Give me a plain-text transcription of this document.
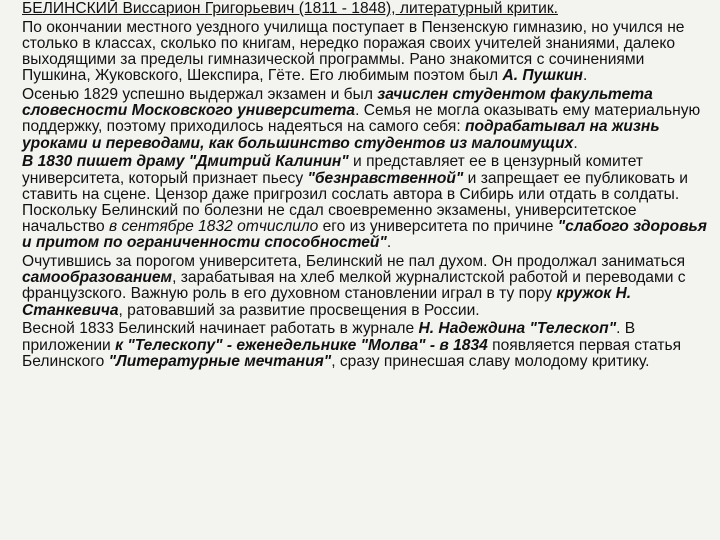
БЕЛИНСКИЙ Виссарион Григорьевич (1811 - 1848), литературный критик.

По окончании местного уездного училища поступает в Пензенскую гимназию, но учился не столько в классах, сколько по книгам, нередко поражая своих учителей знаниями, далеко выходящими за пределы гимназической программы. Рано знакомится с сочинениями Пушкина, Жуковского, Шекспира, Гёте. Его любимым поэтом был А. Пушкин.

Осенью 1829 успешно выдержал экзамен и был зачислен студентом факультета словесности Московского университета. Семья не могла оказывать ему материальную поддержку, поэтому приходилось надеяться на самого себя: подрабатывал на жизнь уроками и переводами, как большинство студентов из малоимущих.

В 1830 пишет драму "Дмитрий Калинин" и представляет ее в цензурный комитет университета, который признает пьесу "безнравственной" и запрещает ее публиковать и ставить на сцене. Цензор даже пригрозил сослать автора в Сибирь или отдать в солдаты. Поскольку Белинский по болезни не сдал своевременно экзамены, университетское начальство в сентябре 1832 отчислило его из университета по причине "слабого здоровья и притом по ограниченности способностей".

Очутившись за порогом университета, Белинский не пал духом. Он продолжал заниматься самообразованием, зарабатывая на хлеб мелкой журналистской работой и переводами с французского. Важную роль в его духовном становлении играл в ту пору кружок Н. Станкевича, ратовавший за развитие просвещения в России.

Весной 1833 Белинский начинает работать в журнале Н. Надеждина "Телескоп". В приложении к "Телескопу" - еженедельнике "Молва" - в 1834 появляется первая статья Белинского "Литературные мечтания", сразу принесшая славу молодому критику.
